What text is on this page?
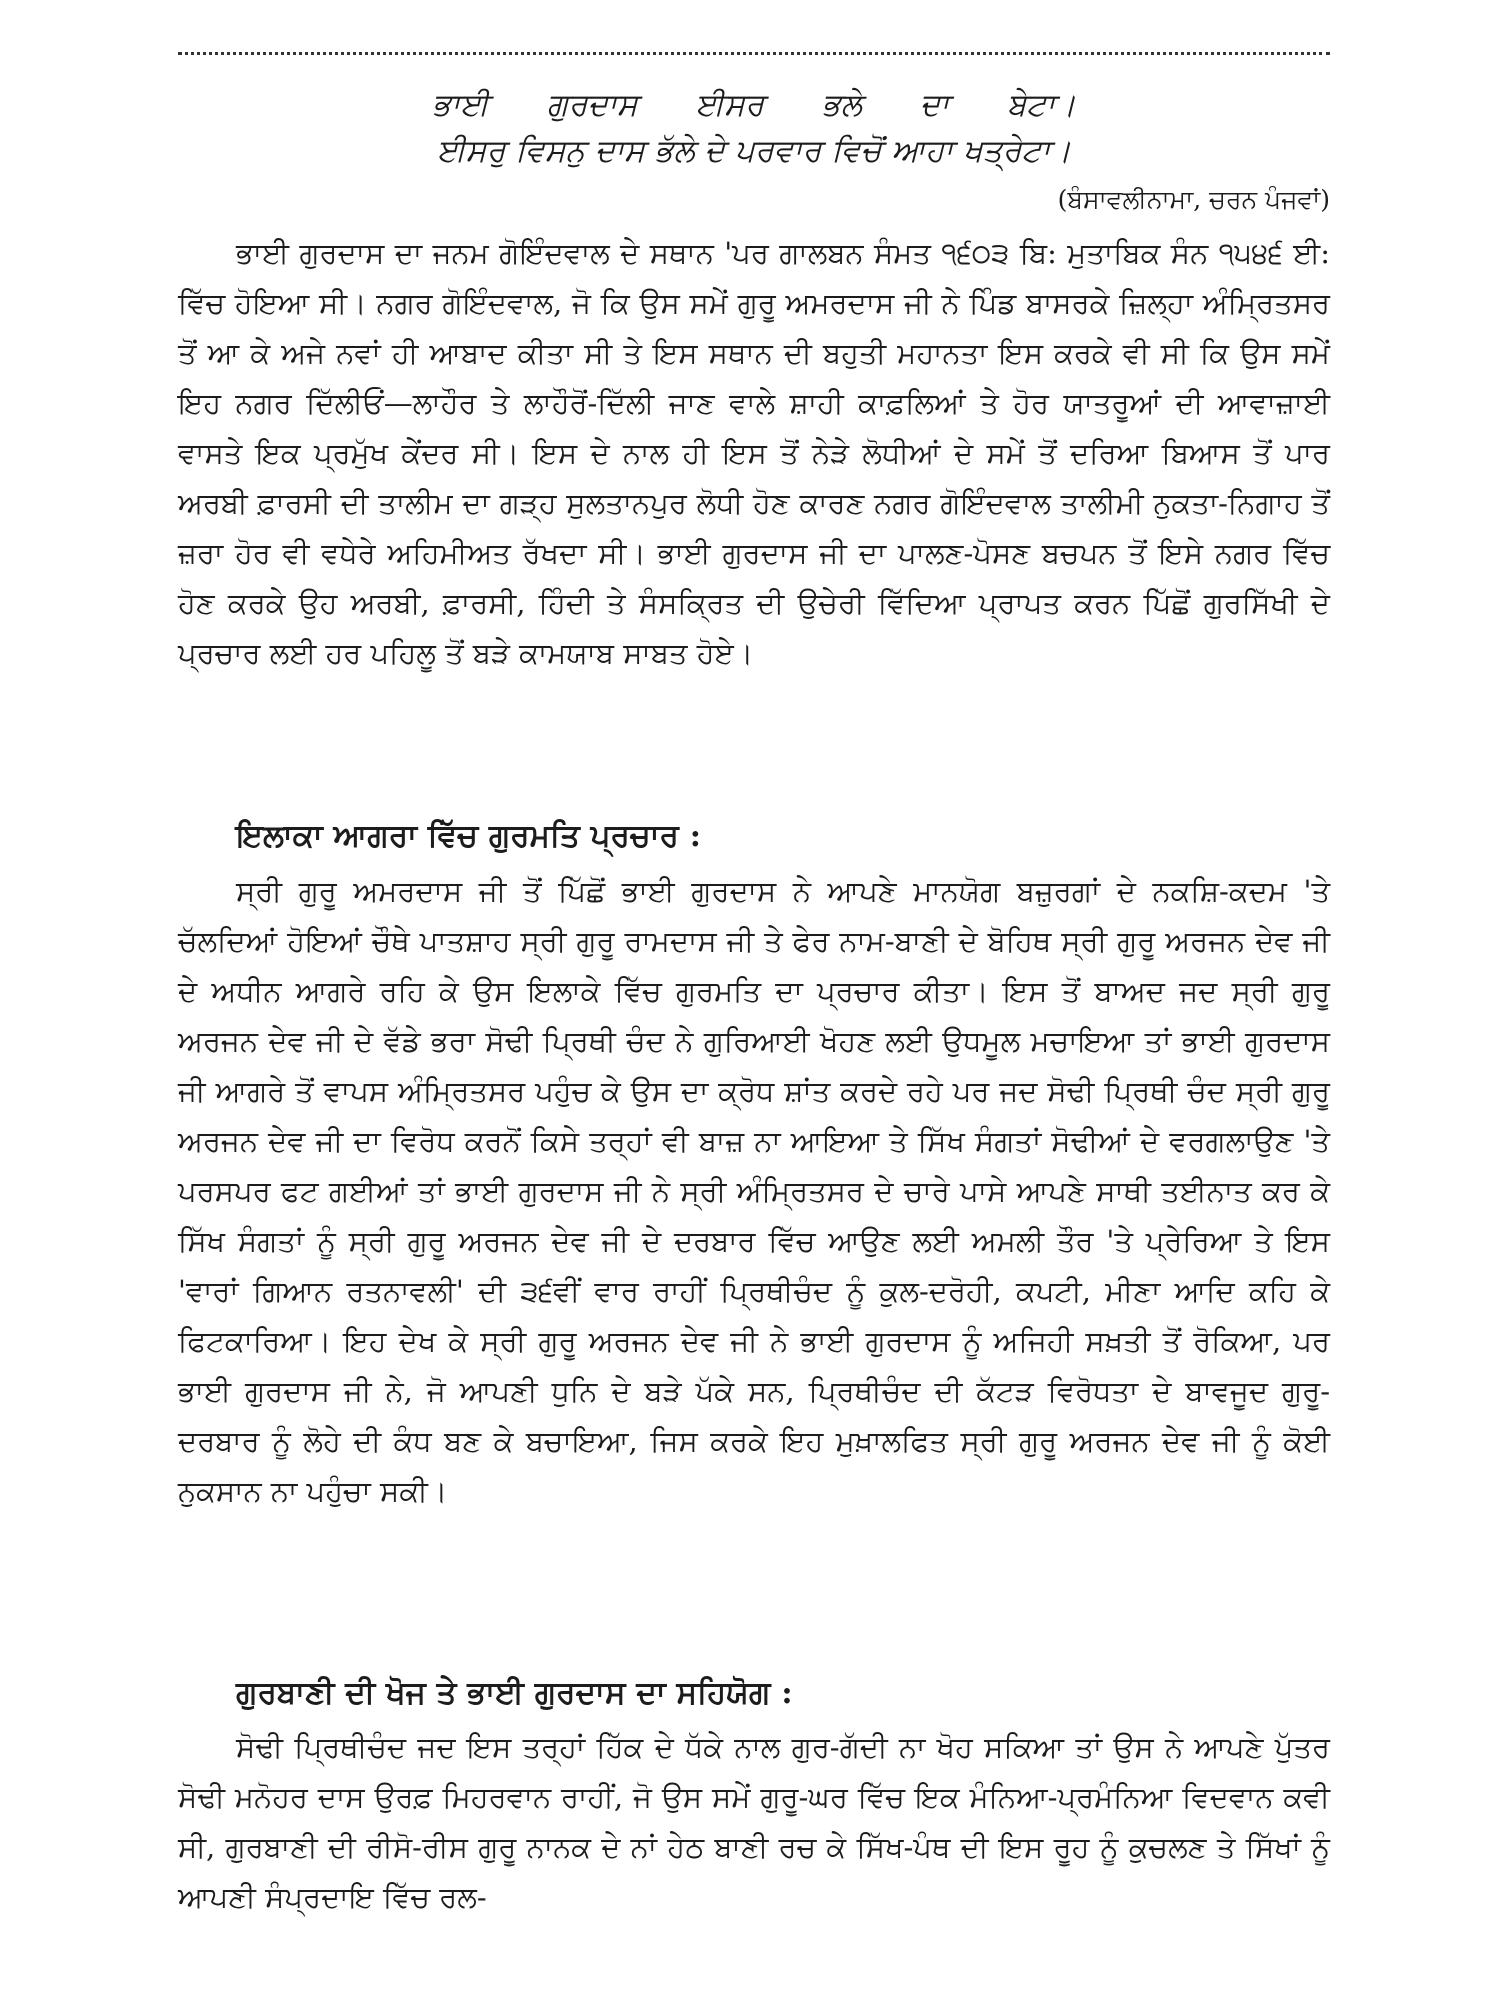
ਭਾਈ ਗੁਰਦਾਸ ਈਸਰ ਭਲੇ ਦਾ ਬੇਟਾ।

ਈਸਰੁ ਵਿਸਨੁ ਦਾਸ ਭੱਲੇ ਦੇ ਪਰਵਾਰ ਵਿਚੋਂ ਆਹਾ ਖਤ੍ਰੇਟਾ।

(ਬੰਸਾਵਲੀਨਾਮਾ, ਚਰਨ ਪੰਜਵਾਂ)

ਭਾਈ ਗੁਰਦਾਸ ਦਾ ਜਨਮ ਗੋਇੰਦਵਾਲ ਦੇ ਸਥਾਨ 'ਪਰ ਗਾਲਬਨ ਸੰਮਤ ੧੬੦੩ ਬਿ: ਮੁਤਾਬਿਕ ਸੰਨ ੧੫੪੬ ਈ: ਵਿੱਚ ਹੋਇਆ ਸੀ। ਨਗਰ ਗੋਇੰਦਵਾਲ, ਜੋ ਕਿ ਉਸ ਸਮੇਂ ਗੁਰੂ ਅਮਰਦਾਸ ਜੀ ਨੇ ਪਿੰਡ ਬਾਸਰਕੇ ਜ਼ਿਲ੍ਹਾ ਅੰਮ੍ਰਿਤਸਰ ਤੋਂ ਆ ਕੇ ਅਜੇ ਨਵਾਂ ਹੀ ਆਬਾਦ ਕੀਤਾ ਸੀ ਤੇ ਇਸ ਸਥਾਨ ਦੀ ਬਹੁਤੀ ਮਹਾਨਤਾ ਇਸ ਕਰਕੇ ਵੀ ਸੀ ਕਿ ਉਸ ਸਮੇਂ ਇਹ ਨਗਰ ਦਿੱਲੀਓਂ—ਲਾਹੌਰ ਤੇ ਲਾਹੌਰੋਂ-ਦਿੱਲੀ ਜਾਣ ਵਾਲੇ ਸ਼ਾਹੀ ਕਾਫ਼ਲਿਆਂ ਤੇ ਹੋਰ ਯਾਤਰੂਆਂ ਦੀ ਆਵਾਜ਼ਾਈ ਵਾਸਤੇ ਇਕ ਪ੍ਰਮੁੱਖ ਕੇਂਦਰ ਸੀ। ਇਸ ਦੇ ਨਾਲ ਹੀ ਇਸ ਤੋਂ ਨੇੜੇ ਲੋਧੀਆਂ ਦੇ ਸਮੇਂ ਤੋਂ ਦਰਿਆ ਬਿਆਸ ਤੋਂ ਪਾਰ ਅਰਬੀ ਫ਼ਾਰਸੀ ਦੀ ਤਾਲੀਮ ਦਾ ਗੜ੍ਹ ਸੁਲਤਾਨਪੁਰ ਲੋਧੀ ਹੋਣ ਕਾਰਣ ਨਗਰ ਗੋਇੰਦਵਾਲ ਤਾਲੀਮੀ ਨੁਕਤਾ-ਨਿਗਾਹ ਤੋਂ ਜ਼ਰਾ ਹੋਰ ਵੀ ਵਧੇਰੇ ਅਹਿਮੀਅਤ ਰੱਖਦਾ ਸੀ। ਭਾਈ ਗੁਰਦਾਸ ਜੀ ਦਾ ਪਾਲਣ-ਪੋਸਣ ਬਚਪਨ ਤੋਂ ਇਸੇ ਨਗਰ ਵਿੱਚ ਹੋਣ ਕਰਕੇ ਉਹ ਅਰਬੀ, ਫ਼ਾਰਸੀ, ਹਿੰਦੀ ਤੇ ਸੰਸਕ੍ਰਿਤ ਦੀ ਉਚੇਰੀ ਵਿੱਦਿਆ ਪ੍ਰਾਪਤ ਕਰਨ ਪਿੱਛੋਂ ਗੁਰਸਿੱਖੀ ਦੇ ਪ੍ਰਚਾਰ ਲਈ ਹਰ ਪਹਿਲੂ ਤੋਂ ਬੜੇ ਕਾਮਯਾਬ ਸਾਬਤ ਹੋਏ।

ਇਲਾਕਾ ਆਗਰਾ ਵਿੱਚ ਗੁਰਮਤਿ ਪ੍ਰਚਾਰ :

ਸ੍ਰੀ ਗੁਰੂ ਅਮਰਦਾਸ ਜੀ ਤੋਂ ਪਿੱਛੋਂ ਭਾਈ ਗੁਰਦਾਸ ਨੇ ਆਪਣੇ ਮਾਨਯੋਗ ਬਜ਼ੁਰਗਾਂ ਦੇ ਨਕਸ਼ਿ-ਕਦਮ 'ਤੇ ਚੱਲਦਿਆਂ ਹੋਇਆਂ ਚੌਥੇ ਪਾਤਸ਼ਾਹ ਸ੍ਰੀ ਗੁਰੂ ਰਾਮਦਾਸ ਜੀ ਤੇ ਫੇਰ ਨਾਮ-ਬਾਣੀ ਦੇ ਬੋਹਿਥ ਸ੍ਰੀ ਗੁਰੂ ਅਰਜਨ ਦੇਵ ਜੀ ਦੇ ਅਧੀਨ ਆਗਰੇ ਰਹਿ ਕੇ ਉਸ ਇਲਾਕੇ ਵਿੱਚ ਗੁਰਮਤਿ ਦਾ ਪ੍ਰਚਾਰ ਕੀਤਾ। ਇਸ ਤੋਂ ਬਾਅਦ ਜਦ ਸ੍ਰੀ ਗੁਰੂ ਅਰਜਨ ਦੇਵ ਜੀ ਦੇ ਵੱਡੇ ਭਰਾ ਸੋਢੀ ਪ੍ਰਿਥੀ ਚੰਦ ਨੇ ਗੁਰਿਆਈ ਖੋਹਣ ਲਈ ਉਧਮੂਲ ਮਚਾਇਆ ਤਾਂ ਭਾਈ ਗੁਰਦਾਸ ਜੀ ਆਗਰੇ ਤੋਂ ਵਾਪਸ ਅੰਮ੍ਰਿਤਸਰ ਪਹੁੰਚ ਕੇ ਉਸ ਦਾ ਕ੍ਰੋਧ ਸ਼ਾਂਤ ਕਰਦੇ ਰਹੇ ਪਰ ਜਦ ਸੋਢੀ ਪ੍ਰਿਥੀ ਚੰਦ ਸ੍ਰੀ ਗੁਰੂ ਅਰਜਨ ਦੇਵ ਜੀ ਦਾ ਵਿਰੋਧ ਕਰਨੋਂ ਕਿਸੇ ਤਰ੍ਹਾਂ ਵੀ ਬਾਜ਼ ਨਾ ਆਇਆ ਤੇ ਸਿੱਖ ਸੰਗਤਾਂ ਸੋਢੀਆਂ ਦੇ ਵਰਗਲਾਉਣ 'ਤੇ ਪਰਸਪਰ ਫਟ ਗਈਆਂ ਤਾਂ ਭਾਈ ਗੁਰਦਾਸ ਜੀ ਨੇ ਸ੍ਰੀ ਅੰਮ੍ਰਿਤਸਰ ਦੇ ਚਾਰੇ ਪਾਸੇ ਆਪਣੇ ਸਾਥੀ ਤਈਨਾਤ ਕਰ ਕੇ ਸਿੱਖ ਸੰਗਤਾਂ ਨੂੰ ਸ੍ਰੀ ਗੁਰੂ ਅਰਜਨ ਦੇਵ ਜੀ ਦੇ ਦਰਬਾਰ ਵਿੱਚ ਆਉਣ ਲਈ ਅਮਲੀ ਤੌਰ 'ਤੇ ਪ੍ਰੇਰਿਆ ਤੇ ਇਸ 'ਵਾਰਾਂ ਗਿਆਨ ਰਤਨਾਵਲੀ' ਦੀ ੩੬ਵੀਂ ਵਾਰ ਰਾਹੀਂ ਪ੍ਰਿਥੀਚੰਦ ਨੂੰ ਕੁਲ-ਦਰੋਹੀ, ਕਪਟੀ, ਮੀਣਾ ਆਦਿ ਕਹਿ ਕੇ ਫਿਟਕਾਰਿਆ। ਇਹ ਦੇਖ ਕੇ ਸ੍ਰੀ ਗੁਰੂ ਅਰਜਨ ਦੇਵ ਜੀ ਨੇ ਭਾਈ ਗੁਰਦਾਸ ਨੂੰ ਅਜਿਹੀ ਸਖ਼ਤੀ ਤੋਂ ਰੋਕਿਆ, ਪਰ ਭਾਈ ਗੁਰਦਾਸ ਜੀ ਨੇ, ਜੋ ਆਪਣੀ ਧੁਨਿ ਦੇ ਬੜੇ ਪੱਕੇ ਸਨ, ਪ੍ਰਿਥੀਚੰਦ ਦੀ ਕੱਟੜ ਵਿਰੋਧਤਾ ਦੇ ਬਾਵਜੂਦ ਗੁਰੂ-ਦਰਬਾਰ ਨੂੰ ਲੋਹੇ ਦੀ ਕੰਧ ਬਣ ਕੇ ਬਚਾਇਆ, ਜਿਸ ਕਰਕੇ ਇਹ ਮੁਖ਼ਾਲਫਿਤ ਸ੍ਰੀ ਗੁਰੂ ਅਰਜਨ ਦੇਵ ਜੀ ਨੂੰ ਕੋਈ ਨੁਕਸਾਨ ਨਾ ਪਹੁੰਚਾ ਸਕੀ।

ਗੁਰਬਾਣੀ ਦੀ ਖੋਜ ਤੇ ਭਾਈ ਗੁਰਦਾਸ ਦਾ ਸਹਿਯੋਗ :

ਸੋਢੀ ਪ੍ਰਿਥੀਚੰਦ ਜਦ ਇਸ ਤਰ੍ਹਾਂ ਹਿੱਕ ਦੇ ਧੱਕੇ ਨਾਲ ਗੁਰ-ਗੱਦੀ ਨਾ ਖੋਹ ਸਕਿਆ ਤਾਂ ਉਸ ਨੇ ਆਪਣੇ ਪੁੱਤਰ ਸੋਢੀ ਮਨੋਹਰ ਦਾਸ ਉਰਫ਼ ਮਿਹਰਵਾਨ ਰਾਹੀਂ, ਜੋ ਉਸ ਸਮੇਂ ਗੁਰੂ-ਘਰ ਵਿੱਚ ਇਕ ਮੰਨਿਆ-ਪ੍ਰਮੰਨਿਆ ਵਿਦਵਾਨ ਕਵੀ ਸੀ, ਗੁਰਬਾਣੀ ਦੀ ਰੀਸੋ-ਰੀਸ ਗੁਰੂ ਨਾਨਕ ਦੇ ਨਾਂ ਹੇਠ ਬਾਣੀ ਰਚ ਕੇ ਸਿੱਖ-ਪੰਥ ਦੀ ਇਸ ਰੂਹ ਨੂੰ ਕੁਚਲਣ ਤੇ ਸਿੱਖਾਂ ਨੂੰ ਆਪਣੀ ਸੰਪ੍ਰਦਾਇ ਵਿੱਚ ਰਲ-
